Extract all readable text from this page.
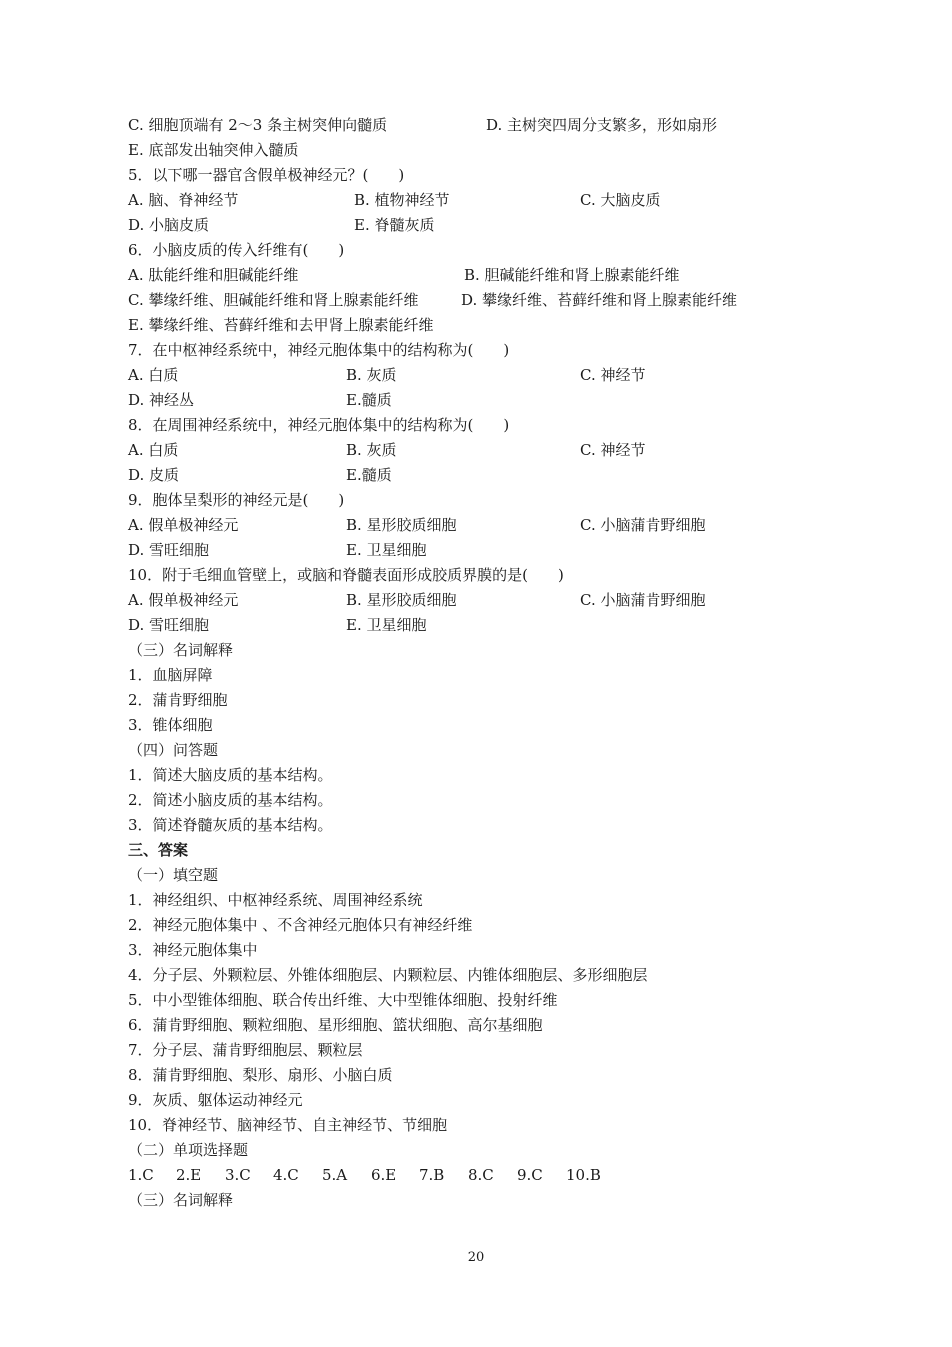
C. 细胞顶端有 2～3 条主树突伸向髓质	D. 主树突四周分支繁多，形如扇形
E. 底部发出轴突伸入髓质
5．以下哪一器官含假单极神经元？(　　)
A. 脑、脊神经节	B. 植物神经节	C. 大脑皮质
D. 小脑皮质	E. 脊髓灰质
6．小脑皮质的传入纤维有(　　)
A. 肽能纤维和胆碱能纤维	B. 胆碱能纤维和肾上腺素能纤维
C. 攀缘纤维、胆碱能纤维和肾上腺素能纤维	D. 攀缘纤维、苔藓纤维和肾上腺素能纤维
E. 攀缘纤维、苔藓纤维和去甲肾上腺素能纤维
7．在中枢神经系统中，神经元胞体集中的结构称为(　　)
A. 白质	B. 灰质	C. 神经节
D. 神经丛	E.髓质
8．在周围神经系统中，神经元胞体集中的结构称为(　　)
A. 白质	B. 灰质	C. 神经节
D. 皮质	E.髓质
9．胞体呈梨形的神经元是(　　)
A. 假单极神经元	B. 星形胶质细胞	C. 小脑蒲肯野细胞
D. 雪旺细胞	E. 卫星细胞
10．附于毛细血管壁上，或脑和脊髓表面形成胶质界膜的是(　　)
A. 假单极神经元	B. 星形胶质细胞	C. 小脑蒲肯野细胞
D. 雪旺细胞	E. 卫星细胞
（三）名词解释
1．血脑屏障
2．蒲肯野细胞
3．锥体细胞
（四）问答题
1．简述大脑皮质的基本结构。
2．简述小脑皮质的基本结构。
3．简述脊髓灰质的基本结构。
三、答案
（一）填空题
1．神经组织、中枢神经系统、周围神经系统
2．神经元胞体集中 、不含神经元胞体只有神经纤维
3．神经元胞体集中
4．分子层、外颗粒层、外锥体细胞层、内颗粒层、内锥体细胞层、多形细胞层
5．中小型锥体细胞、联合传出纤维、大中型锥体细胞、投射纤维
6．蒲肯野细胞、颗粒细胞、星形细胞、篮状细胞、高尔基细胞
7．分子层、蒲肯野细胞层、颗粒层
8．蒲肯野细胞、梨形、扇形、小脑白质
9．灰质、躯体运动神经元
10．脊神经节、脑神经节、自主神经节、节细胞
（二）单项选择题
1.C 2.E 3.C 4.C 5.A 6.E 7.B 8.C 9.C 10.B
（三）名词解释
20
